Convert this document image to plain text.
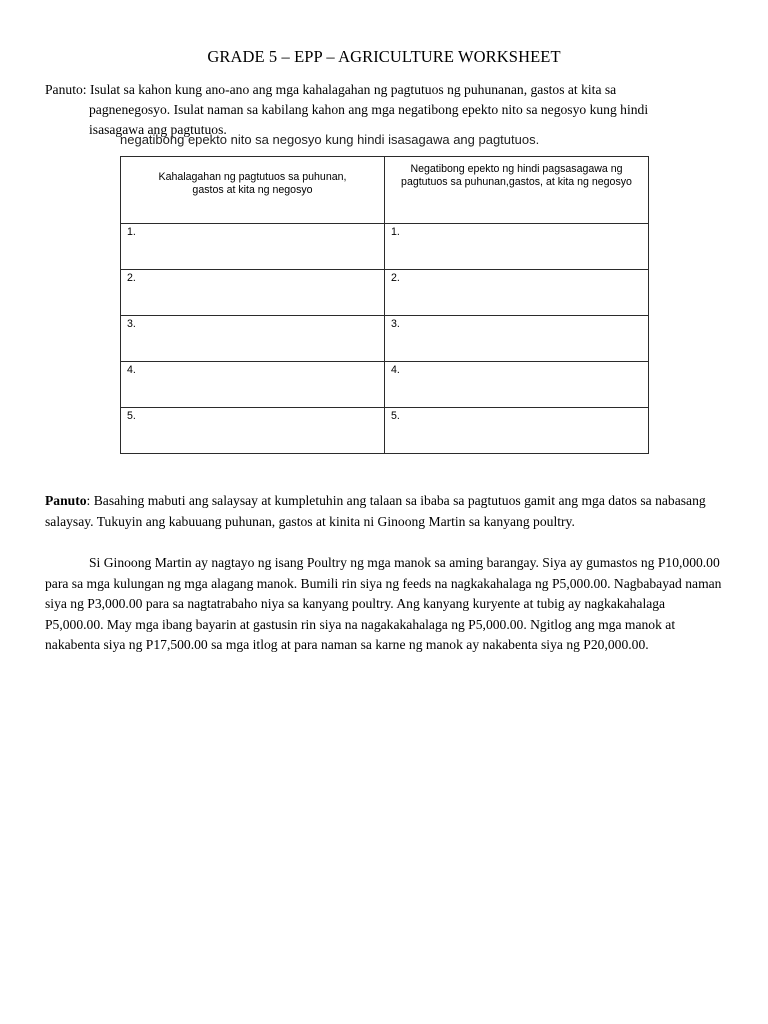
GRADE 5 – EPP – AGRICULTURE WORKSHEET
Panuto: Isulat sa kahon kung ano-ano ang mga kahalagahan ng pagtutuos ng puhunanan, gastos at kita sa
pagnenegosyo. Isulat naman sa kabilang kahon ang mga negatibong epekto nito sa negosyo kung hindi
isasagawa ang pagtutuos.
negatibong epekto nito sa negosyo kung hindi isasagawa ang pagtutuos.
Kahalagahan ng pagtutuos sa puhunan, gastos at kita ng negosyo	Negatibong epekto ng hindi pagsasagawa ng pagtutuos sa puhunan,gastos, at kita ng negosyo

1.	1.
2.	2.
3.	3.
4.	4.
5.	5.
Panuto: Basahing mabuti ang salaysay at kumpletuhin ang talaan sa ibaba sa pagtutuos gamit ang mga datos sa nabasang salaysay. Tukuyin ang kabuuang puhunan, gastos at kinita ni Ginoong Martin sa kanyang poultry.
Si Ginoong Martin ay nagtayo ng isang Poultry ng mga manok sa aming barangay. Siya ay gumastos ng P10,000.00 para sa mga kulungan ng mga alagang manok. Bumili rin siya ng feeds na nagkakahalaga ng P5,000.00. Nagbabayad naman siya ng P3,000.00 para sa nagtatrabaho niya sa kanyang poultry. Ang kanyang kuryente at tubig ay nagkakahalaga P5,000.00. May mga ibang bayarin at gastusin rin siya na nagakakahalaga ng P5,000.00. Ngitlog ang mga manok at nakabenta siya ng P17,500.00 sa mga itlog at para naman sa karne ng manok ay nakabenta siya ng P20,000.00.
